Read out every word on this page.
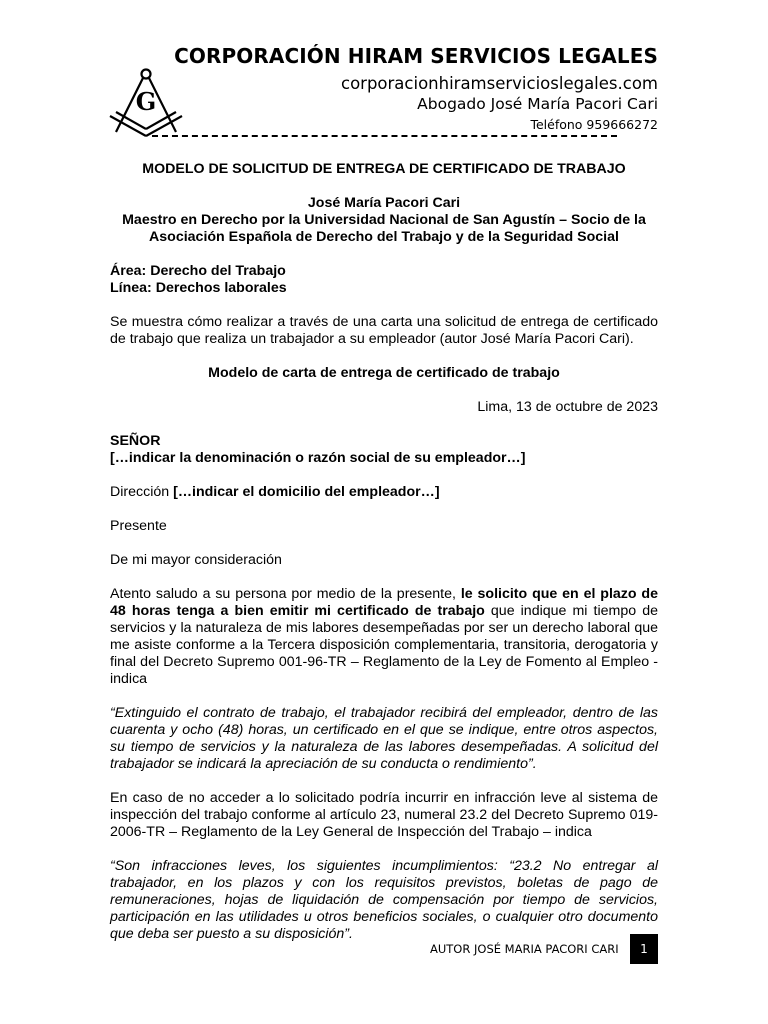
G
CORPORACIÓN HIRAM SERVICIOS LEGALES
corporacionhiramservicioslegales.com
Abogado José María Pacori Cari
Teléfono 959666272

MODELO DE SOLICITUD DE ENTREGA DE CERTIFICADO DE TRABAJO

José María Pacori Cari

Maestro en Derecho por la Universidad Nacional de San Agustín – Socio de la Asociación Española de Derecho del Trabajo y de la Seguridad Social

Área: Derecho del Trabajo

Línea: Derechos laborales

Se muestra cómo realizar a través de una carta una solicitud de entrega de certificado de trabajo que realiza un trabajador a su empleador (autor José María Pacori Cari).

Modelo de carta de entrega de certificado de trabajo

Lima, 13 de octubre de 2023

SEÑOR

[…indicar la denominación o razón social de su empleador…]

Dirección […indicar el domicilio del empleador…]

Presente

De mi mayor consideración

Atento saludo a su persona por medio de la presente, le solicito que en el plazo de 48 horas tenga a bien emitir mi certificado de trabajo que indique mi tiempo de servicios y la naturaleza de mis labores desempeñadas por ser un derecho laboral que me asiste conforme a la Tercera disposición complementaria, transitoria, derogatoria y final del Decreto Supremo 001-96-TR – Reglamento de la Ley de Fomento al Empleo - indica

“Extinguido el contrato de trabajo, el trabajador recibirá del empleador, dentro de las cuarenta y ocho (48) horas, un certificado en el que se indique, entre otros aspectos, su tiempo de servicios y la naturaleza de las labores desempeñadas. A solicitud del trabajador se indicará la apreciación de su conducta o rendimiento”.

En caso de no acceder a lo solicitado podría incurrir en infracción leve al sistema de inspección del trabajo conforme al artículo 23, numeral 23.2 del Decreto Supremo 019-2006-TR – Reglamento de la Ley General de Inspección del Trabajo – indica

“Son infracciones leves, los siguientes incumplimientos: “23.2 No entregar al trabajador, en los plazos y con los requisitos previstos, boletas de pago de remuneraciones, hojas de liquidación de compensación por tiempo de servicios, participación en las utilidades u otros beneficios sociales, o cualquier otro documento que deba ser puesto a su disposición”.

AUTOR JOSÉ MARIA PACORI CARI	1
